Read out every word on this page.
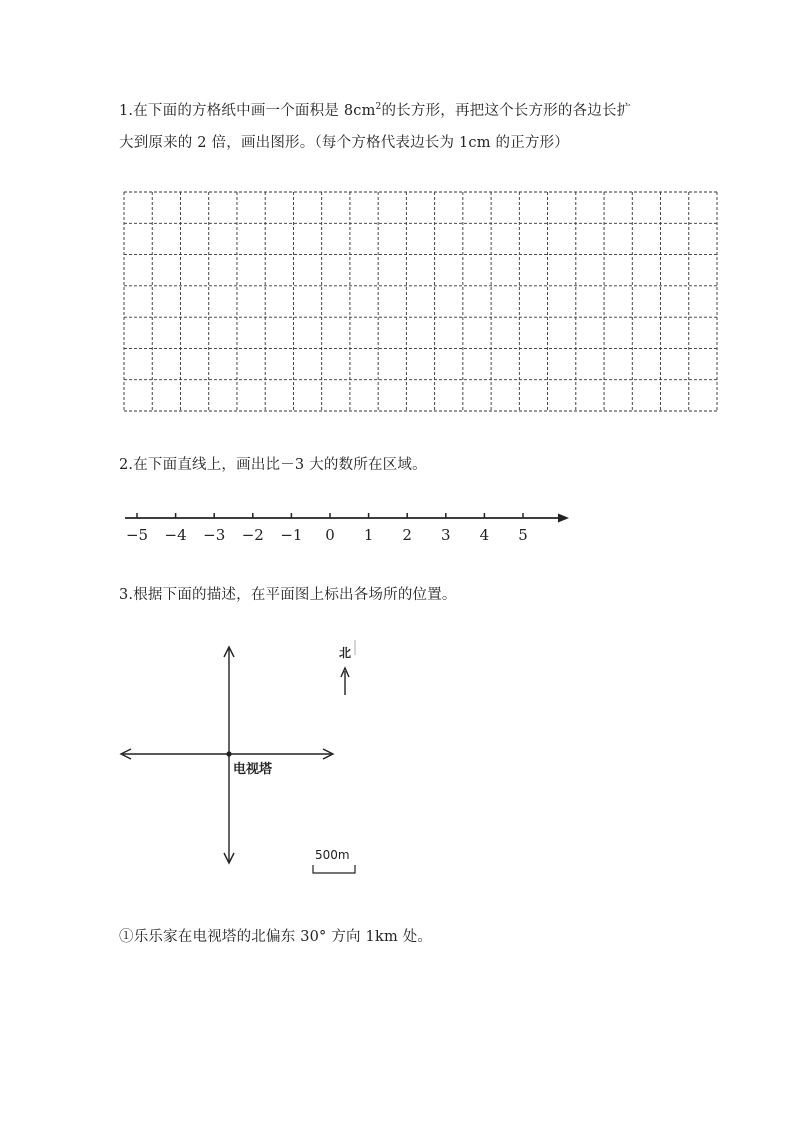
1.在下面的方格纸中画一个面积是 $8cm^2$的长方形，再把这个长方形的各边长扩
大到原来的 2 倍，画出图形。（每个方格代表边长为 1cm 的正方形）
2.在下面直线上，画出比－3 大的数所在区域。
−5 −4 −3 −2 −1 0 1 2 3 4 5
3.根据下面的描述，在平面图上标出各场所的位置。
电视塔
北
500m
①乐乐家在电视塔的北偏东 30° 方向 1km 处。
